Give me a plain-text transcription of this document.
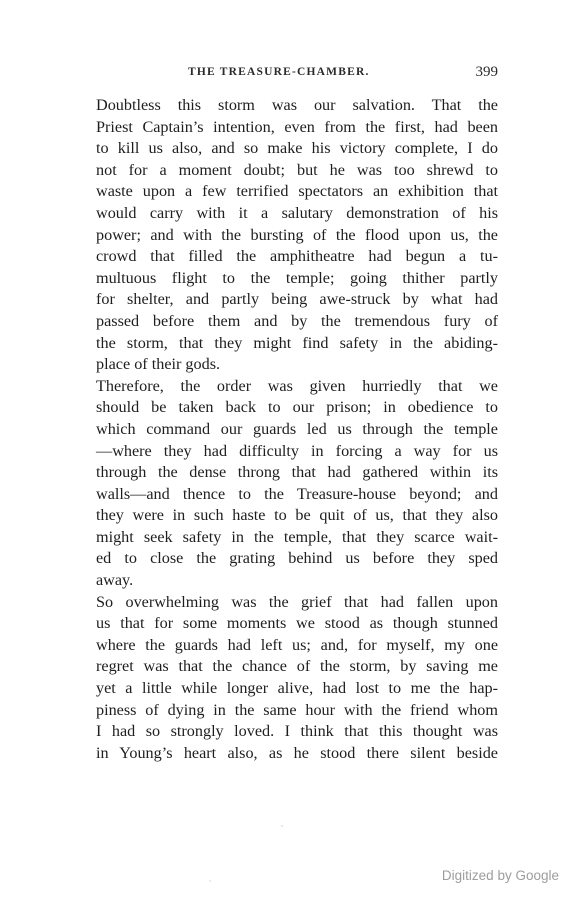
THE TREASURE-CHAMBER.	399

Doubtless this storm was our salvation. That the
Priest Captain’s intention, even from the first, had been
to kill us also, and so make his victory complete, I do
not for a moment doubt; but he was too shrewd to
waste upon a few terrified spectators an exhibition that
would carry with it a salutary demonstration of his
power; and with the bursting of the flood upon us, the
crowd that filled the amphitheatre had begun a tu-
multuous flight to the temple; going thither partly
for shelter, and partly being awe-struck by what had
passed before them and by the tremendous fury of
the storm, that they might find safety in the abiding-
place of their gods.

Therefore, the order was given hurriedly that we
should be taken back to our prison; in obedience to
which command our guards led us through the temple
—where they had difficulty in forcing a way for us
through the dense throng that had gathered within its
walls—and thence to the Treasure-house beyond; and
they were in such haste to be quit of us, that they also
might seek safety in the temple, that they scarce wait-
ed to close the grating behind us before they sped
away.

So overwhelming was the grief that had fallen upon
us that for some moments we stood as though stunned
where the guards had left us; and, for myself, my one
regret was that the chance of the storm, by saving me
yet a little while longer alive, had lost to me the hap-
piness of dying in the same hour with the friend whom
I had so strongly loved. I think that this thought was
in Young’s heart also, as he stood there silent beside

Digitized by Google
